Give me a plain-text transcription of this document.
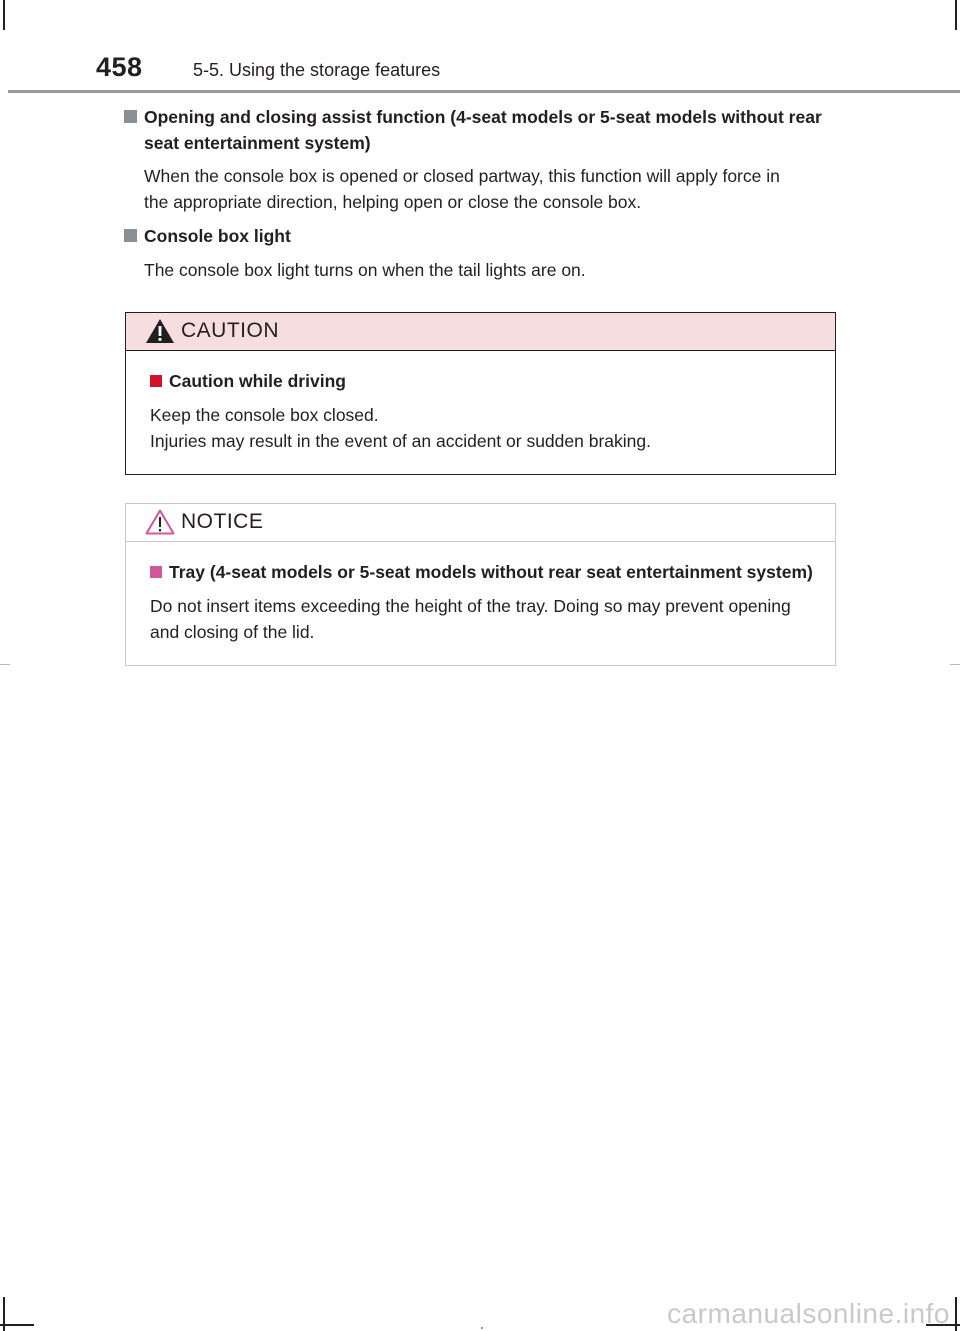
458	5-5. Using the storage features
Opening and closing assist function (4-seat models or 5-seat models without rear
seat entertainment system)
When the console box is opened or closed partway, this function will apply force in
the appropriate direction, helping open or close the console box.
Console box light
The console box light turns on when the tail lights are on.
CAUTION
Caution while driving
Keep the console box closed.
Injuries may result in the event of an accident or sudden braking.
NOTICE
Tray (4-seat models or 5-seat models without rear seat entertainment system)
Do not insert items exceeding the height of the tray. Doing so may prevent opening
and closing of the lid.
carmanualsonline.info
